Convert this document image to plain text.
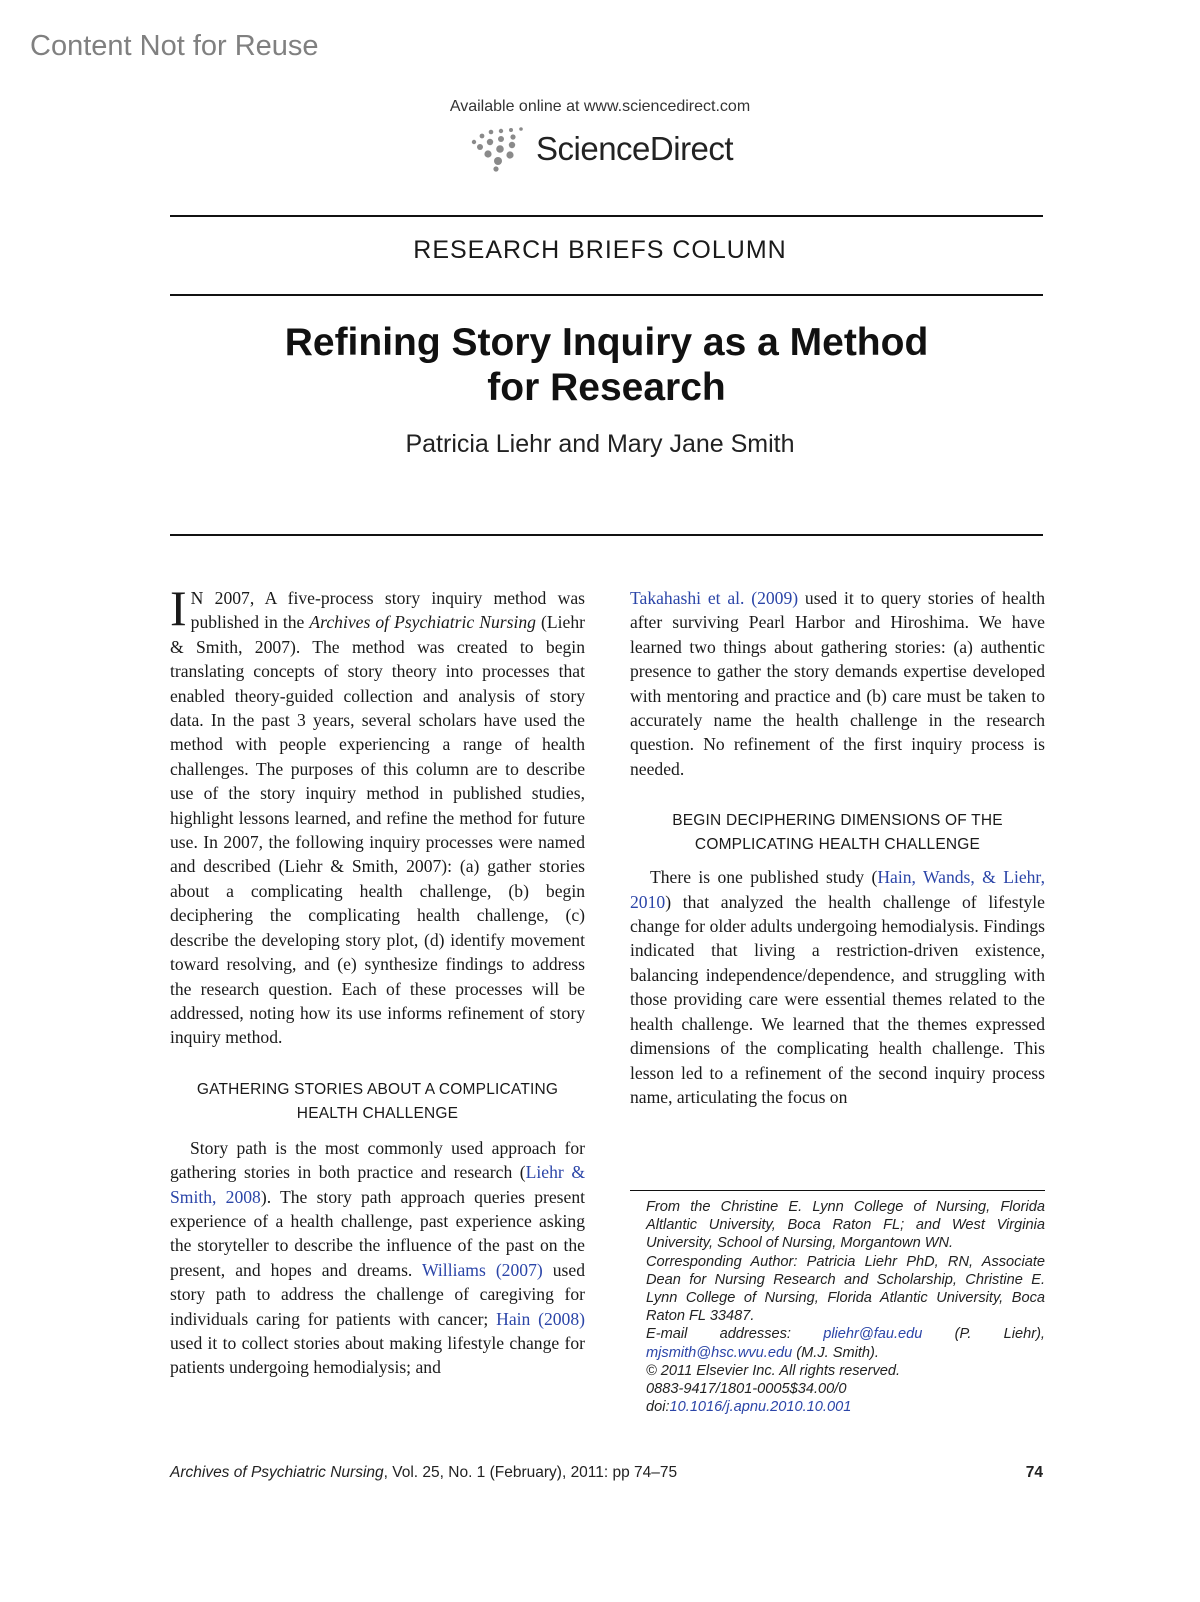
Content Not for Reuse
Available online at www.sciencedirect.com
ScienceDirect
RESEARCH BRIEFS COLUMN
Refining Story Inquiry as a Method
for Research
Patricia Liehr and Mary Jane Smith

I N 2007, A five-process story inquiry method was published in the Archives of Psychiatric Nursing (Liehr & Smith, 2007). The method was created to begin translating concepts of story theory into processes that enabled theory-guided collection and analysis of story data. In the past 3 years, several scholars have used the method with people experiencing a range of health challenges. The purposes of this column are to describe use of the story inquiry method in published studies, highlight lessons learned, and refine the method for future use. In 2007, the following inquiry processes were named and described (Liehr & Smith, 2007): (a) gather stories about a complicating health challenge, (b) begin deciphering the complicating health challenge, (c) describe the developing story plot, (d) identify movement toward resolving, and (e) synthesize findings to address the research question. Each of these processes will be addressed, noting how its use informs refinement of story inquiry method.

GATHERING STORIES ABOUT A COMPLICATING
HEALTH CHALLENGE

Story path is the most commonly used approach for gathering stories in both practice and research (Liehr & Smith, 2008). The story path approach queries present experience of a health challenge, past experience asking the storyteller to describe the influence of the past on the present, and hopes and dreams. Williams (2007) used story path to address the challenge of caregiving for individuals caring for patients with cancer; Hain (2008) used it to collect stories about making lifestyle change for patients undergoing hemodialysis; and

Takahashi et al. (2009) used it to query stories of health after surviving Pearl Harbor and Hiroshima. We have learned two things about gathering stories: (a) authentic presence to gather the story demands expertise developed with mentoring and practice and (b) care must be taken to accurately name the health challenge in the research question. No refinement of the first inquiry process is needed.

BEGIN DECIPHERING DIMENSIONS OF THE
COMPLICATING HEALTH CHALLENGE

There is one published study (Hain, Wands, & Liehr, 2010) that analyzed the health challenge of lifestyle change for older adults undergoing hemodialysis. Findings indicated that living a restriction-driven existence, balancing independence/dependence, and struggling with those providing care were essential themes related to the health challenge. We learned that the themes expressed dimensions of the complicating health challenge. This lesson led to a refinement of the second inquiry process name, articulating the focus on

From the Christine E. Lynn College of Nursing, Florida Altlantic University, Boca Raton FL; and West Virginia University, School of Nursing, Morgantown WN.

Corresponding Author: Patricia Liehr PhD, RN, Associate Dean for Nursing Research and Scholarship, Christine E. Lynn College of Nursing, Florida Atlantic University, Boca Raton FL 33487.

E-mail addresses: pliehr@fau.edu (P. Liehr), mjsmith@hsc.wvu.edu (M.J. Smith).

© 2011 Elsevier Inc. All rights reserved.

0883-9417/1801-0005$34.00/0

doi:10.1016/j.apnu.2010.10.001

Archives of Psychiatric Nursing, Vol. 25, No. 1 (February), 2011: pp 74–75	74
